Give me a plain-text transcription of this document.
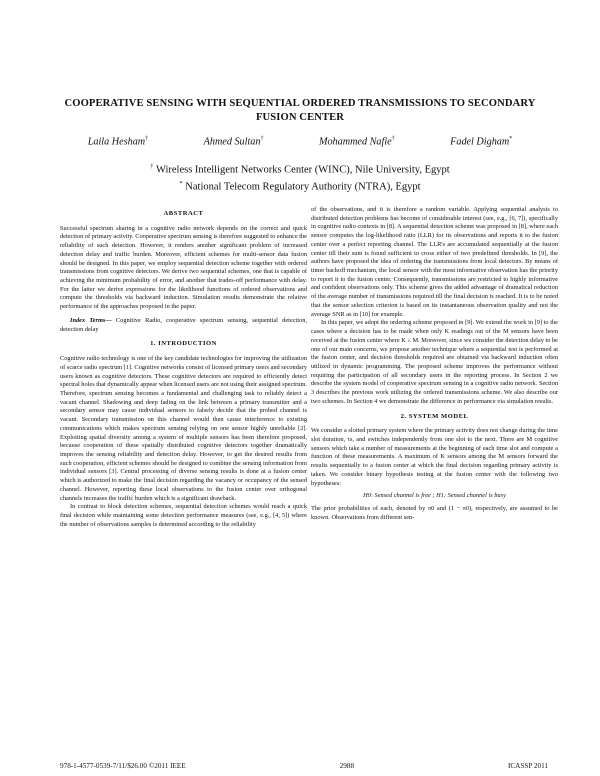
COOPERATIVE SENSING WITH SEQUENTIAL ORDERED TRANSMISSIONS TO SECONDARY FUSION CENTER
Laila Hesham†	Ahmed Sultan†	Mohammed Nafie†	Fadel Digham*
† Wireless Intelligent Networks Center (WINC), Nile University, Egypt
* National Telecom Regulatory Authority (NTRA), Egypt
ABSTRACT

Successful spectrum sharing in a cognitive radio network depends on the correct and quick detection of primary activity. Cooperative spectrum sensing is therefore suggested to enhance the reliability of such detection. However, it renders another significant problem of increased detection delay and traffic burden. Moreover, efficient schemes for multi-sensor data fusion should be designed. In this paper, we employ sequential detection scheme together with ordered transmissions from cognitive detectors. We derive two sequential schemes, one that is capable of achieving the minimum probability of error, and another that trades-off performance with delay. For the latter we derive expressions for the likelihood functions of ordered observations and compute the thresholds via backward induction. Simulation results demonstrate the relative performance of the approaches proposed in the paper.

Index Terms— Cognitive Radio, cooperative spectrum sensing, sequential detection, detection delay

1. INTRODUCTION

Cognitive radio technology is one of the key candidate technologies for improving the utilization of scarce radio spectrum [1]. Cognitive networks consist of licensed primary users and secondary users known as cognitive detectors. These cognitive detectors are required to efficiently detect spectral holes that dynamically appear when licensed users are not using their assigned spectrum. Therefore, spectrum sensing becomes a fundamental and challenging task to reliably detect a vacant channel. Shadowing and deep fading on the link between a primary transmitter and a secondary sensor may cause individual sensors to falsely decide that the probed channel is vacant. Secondary transmission on this channel would then cause interference to existing communications which makes spectrum sensing relying on one sensor highly unreliable [2]. Exploiting spatial diversity among a system of multiple sensors has been therefore proposed, because cooperation of these spatially distributed cognitive detectors together dramatically improves the sensing reliability and detection delay. However, to get the desired results from such cooperation, efficient schemes should be designed to combine the sensing information from individual sensors [3]. Central processing of diverse sensing results is done at a fusion center which is authorized to make the final decision regarding the vacancy or occupancy of the sensed channel. However, reporting these local observations to the fusion center over orthogonal channels increases the traffic burden which is a significant drawback.

In contrast to block detection schemes, sequential detection schemes would reach a quick final decision while maintaining some detection performance measures (see, e.g., [4, 5]) where the number of observations samples is determined according to the reliability

of the observations, and it is therefore a random variable. Applying sequential analysis to distributed detection problems has become of considerable interest (see, e.g., [6, 7]), specifically in cognitive radio contexts in [8]. A sequential detection scheme was proposed in [8], where each sensor computes the log-likelihood ratio (LLR) for its observations and reports it to the fusion center over a perfect reporting channel. The LLR's are accumulated sequentially at the fusion center till their sum is found sufficient to cross either of two predefined thresholds. In [9], the authors have proposed the idea of ordering the transmissions from local detectors. By means of timer backoff mechanism, the local sensor with the most informative observation has the priority to report it to the fusion center. Consequently, transmissions are restricted to highly informative and confident observations only. This scheme gives the added advantage of dramatical reduction of the average number of transmissions required till the final decision is reached. It is to be noted that the sensor selection criterion is based on its instantaneous observation quality and not the average SNR as in [10] for example.

In this paper, we adopt the ordering scheme proposed in [9]. We extend the work in [9] to the cases where a decision has to be made when only K readings out of the M sensors have been received at the fusion center where K ≤ M. Moreover, since we consider the detection delay to be one of our main concerns, we propose another technique where a sequential test is performed at the fusion center, and decision thresholds required are obtained via backward induction often utilized in dynamic programming. The proposed scheme improves the performance without requiring the participation of all secondary users in the reporting process. In Section 2 we describe the system model of cooperative spectrum sensing in a cognitive radio network. Section 3 describes the previous work utilizing the ordered transmissions scheme. We also describe our two schemes. In Section 4 we demonstrate the difference in performance via simulation results.

2. SYSTEM MODEL

We consider a slotted primary system where the primary activity does not change during the time slot duration, τs, and switches independently from one slot to the next. There are M cognitive sensors which take a number of measurements at the beginning of each time slot and compute a function of these measurements. A maximum of K sensors among the M sensors forward the results sequentially to a fusion center at which the final decision regarding primary activity is taken. We consider binary hypothesis testing at the fusion center with the following two hypotheses:

H0: Sensed channel is free ; H1: Sensed channel is busy

The prior probabilities of each, denoted by π0 and (1 − π0), respectively, are assumed to be known. Observations from different sen-

978-1-4577-0539-7/11/$26.00 ©2011 IEEE	2988	ICASSP 2011
